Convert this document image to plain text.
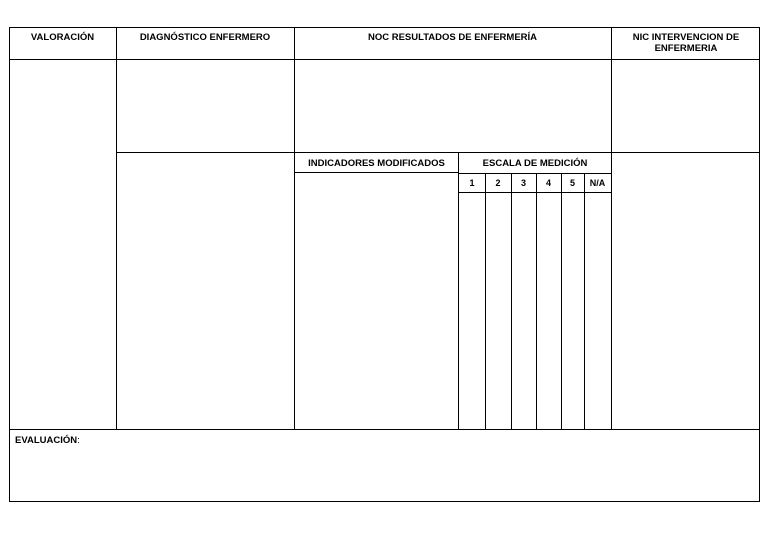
VALORACIÓN	DIAGNÓSTICO ENFERMERO	NOC RESULTADOS DE ENFERMERÍA	NIC INTERVENCION DE ENFERMERIA
INDICADORES MODIFICADOS	ESCALA DE MEDICIÓN
1	2	3	4	5	N/A
EVALUACIÓN:
